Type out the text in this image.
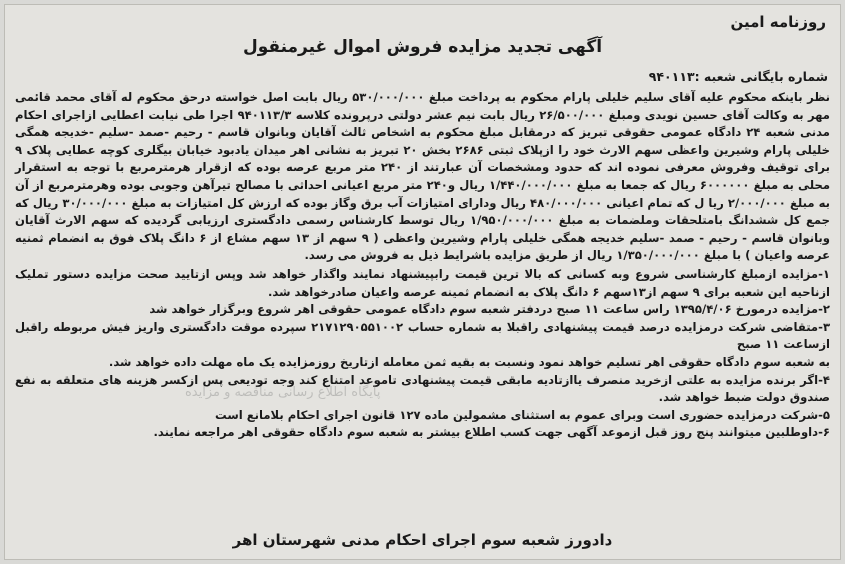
روزنامه امین
آگهی تجدید مزایده فروش اموال غیرمنقول
شماره بایگانی شعبه :۹۴۰۱۱۳

نظر باینکه محکوم علیه آقای سلیم خلیلی پارام محکوم به پرداخت مبلغ ۵۳۰/۰۰۰/۰۰۰ ریال بابت اصل خواسته درحق محکوم له آقای محمد قائمی مهر به وکالت آقای حسین نویدی ومبلغ ۲۶/۵۰۰/۰۰۰ ریال بابت نیم عشر دولتی درپرونده کلاسه ۹۴۰۱۱۳/۳ اجرا طی نیابت اعطایی ازاجرای احکام مدنی شعبه ۲۴ دادگاه عمومی حقوقی تبریز که درمقابل مبلغ محکوم به اشخاص ثالث آقایان وبانوان قاسم - رحیم -صمد -سلیم -خدیجه همگی خلیلی پارام وشیرین واعظی سهم الارث خود را ازپلاک ثبتی ۲۶۸۶ بخش ۲۰ تبریز به نشانی اهر میدان یادبود خیابان بیگلری کوچه عطایی پلاک ۹ برای توقیف وفروش معرفی نموده اند که حدود ومشخصات آن عبارتند از ۲۴۰ متر مربع عرصه بوده که ازقرار هرمترمربع با توجه به استقرار محلی به مبلغ ۶۰۰۰۰۰۰ ریال که جمعا به مبلغ ۱/۴۴۰/۰۰۰/۰۰۰ ریال و۲۴۰ متر مربع اعیانی احداثی با مصالح تیرآهن وجوبی بوده وهرمترمربع از آن به مبلغ ۲/۰۰۰/۰۰۰ ریا ل که تمام اعیانی ۴۸۰/۰۰۰/۰۰۰ ریال ودارای امتیازات آب برق وگاز بوده که ارزش کل امتیازات به مبلغ ۳۰/۰۰۰/۰۰۰ ریال که جمع کل ششدانگ بامتلحقات وملضمات به مبلغ ۱/۹۵۰/۰۰۰/۰۰۰ ریال توسط کارشناس رسمی دادگستری ارزیابی گردیده که سهم الارث آقایان وبانوان قاسم - رحیم - صمد -سلیم خدیجه همگی خلیلی پارام وشیرین واعظی ( ۹ سهم از ۱۳ سهم مشاع از ۶ دانگ پلاک فوق به انضمام ثمنیه عرصه واعیان ) با مبلغ ۱/۳۵۰/۰۰۰/۰۰۰ ریال از طریق مزایده باشرایط ذیل به فروش می رسد.

۱-مزایده ازمبلغ کارشناسی شروع وبه کسانی که بالا ترین قیمت رابپیشنهاد نمایند واگذار خواهد شد وپس ازتایید صحت مزایده دستور تملیک ازناحیه این شعبه برای ۹ سهم از۱۳سهم ۶ دانگ پلاک به انضمام ثمینه عرصه واعیان صادرخواهد شد.

۲-مزایده درمورخ ۱۳۹۵/۴/۰۶ راس ساعت ۱۱ صبح دردفتر شعبه سوم دادگاه عمومی حقوقی اهر شروع وبرگزار خواهد شد

۳-متقاضی شرکت درمزایده درصد قیمت پیشنهادی راقبلا به شماره حساب ۲۱۷۱۲۹۰۵۵۱۰۰۲ سپرده موقت دادگستری واریز فیش مربوطه راقبل ازساعت ۱۱ صبح

به شعبه سوم دادگاه حقوقی اهر تسلیم خواهد نمود ونسبت به بقیه ثمن معامله ازتاریخ روزمزایده یک ماه مهلت داده خواهد شد.

۴-اگر برنده مزایده به علتی ازخرید منصرف یاازتادیه مابقی قیمت پیشنهادی تاموعد امتناع کند وجه تودیعی پس ازکسر هزینه های متعلقه به نفع صندوق دولت ضبط خواهد شد.

۵-شرکت درمزایده حضوری است وبرای عموم به استثنای مشمولین ماده ۱۲۷ قانون اجرای احکام بلامانع است

۶-داوطلبین میتوانند پنج روز قبل ازموعد آگهی جهت کسب اطلاع بیشتر به شعبه سوم دادگاه حقوقی اهر مراجعه نمایند.

پایگاه اطلاع رسانی مناقصه و مزایده
دادورز شعبه سوم اجرای احکام مدنی شهرستان اهر
